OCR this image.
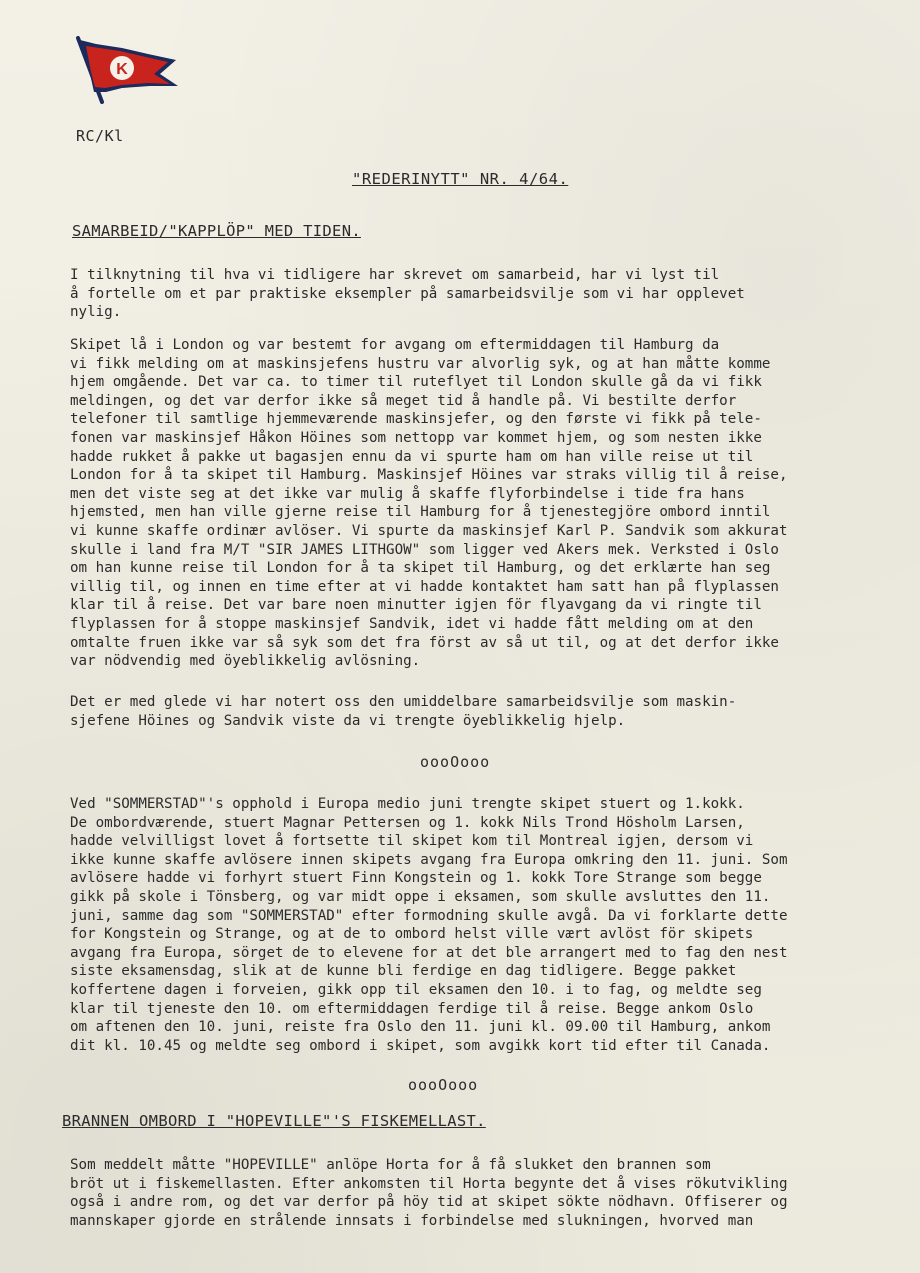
K
RC/Kl
"REDERINYTT" NR. 4/64.
SAMARBEID/"KAPPLÖP" MED TIDEN.
I tilknytning til hva vi tidligere har skrevet om samarbeid, har vi lyst til
å fortelle om et par praktiske eksempler på samarbeidsvilje som vi har opplevet
nylig.
Skipet lå i London og var bestemt for avgang om eftermiddagen til Hamburg da
vi fikk melding om at maskinsjefens hustru var alvorlig syk, og at han måtte komme
hjem omgående. Det var ca. to timer til ruteflyet til London skulle gå da vi fikk
meldingen, og det var derfor ikke så meget tid å handle på. Vi bestilte derfor
telefoner til samtlige hjemmeværende maskinsjefer, og den første vi fikk på tele-
fonen var maskinsjef Håkon Höines som nettopp var kommet hjem, og som nesten ikke
hadde rukket å pakke ut bagasjen ennu da vi spurte ham om han ville reise ut til
London for å ta skipet til Hamburg. Maskinsjef Höines var straks villig til å reise,
men det viste seg at det ikke var mulig å skaffe flyforbindelse i tide fra hans
hjemsted, men han ville gjerne reise til Hamburg for å tjenestegjöre ombord inntil
vi kunne skaffe ordinær avlöser. Vi spurte da maskinsjef Karl P. Sandvik som akkurat
skulle i land fra M/T "SIR JAMES LITHGOW" som ligger ved Akers mek. Verksted i Oslo
om han kunne reise til London for å ta skipet til Hamburg, og det erklærte han seg
villig til, og innen en time efter at vi hadde kontaktet ham satt han på flyplassen
klar til å reise. Det var bare noen minutter igjen för flyavgang da vi ringte til
flyplassen for å stoppe maskinsjef Sandvik, idet vi hadde fått melding om at den
omtalte fruen ikke var så syk som det fra först av så ut til, og at det derfor ikke
var nödvendig med öyeblikkelig avlösning.
Det er med glede vi har notert oss den umiddelbare samarbeidsvilje som maskin-
sjefene Höines og Sandvik viste da vi trengte öyeblikkelig hjelp.
oooOooo
Ved "SOMMERSTAD"'s opphold i Europa medio juni trengte skipet stuert og 1.kokk.
De ombordværende, stuert Magnar Pettersen og 1. kokk Nils Trond Hösholm Larsen,
hadde velvilligst lovet å fortsette til skipet kom til Montreal igjen, dersom vi
ikke kunne skaffe avlösere innen skipets avgang fra Europa omkring den 11. juni. Som
avlösere hadde vi forhyrt stuert Finn Kongstein og 1. kokk Tore Strange som begge
gikk på skole i Tönsberg, og var midt oppe i eksamen, som skulle avsluttes den 11.
juni, samme dag som "SOMMERSTAD" efter formodning skulle avgå. Da vi forklarte dette
for Kongstein og Strange, og at de to ombord helst ville vært avlöst för skipets
avgang fra Europa, sörget de to elevene for at det ble arrangert med to fag den nest
siste eksamensdag, slik at de kunne bli ferdige en dag tidligere. Begge pakket
koffertene dagen i forveien, gikk opp til eksamen den 10. i to fag, og meldte seg
klar til tjeneste den 10. om eftermiddagen ferdige til å reise. Begge ankom Oslo
om aftenen den 10. juni, reiste fra Oslo den 11. juni kl. 09.00 til Hamburg, ankom
dit kl. 10.45 og meldte seg ombord i skipet, som avgikk kort tid efter til Canada.
oooOooo
BRANNEN OMBORD I "HOPEVILLE"'S FISKEMELLAST.
Som meddelt måtte "HOPEVILLE" anlöpe Horta for å få slukket den brannen som
bröt ut i fiskemellasten. Efter ankomsten til Horta begynte det å vises rökutvikling
også i andre rom, og det var derfor på höy tid at skipet sökte nödhavn. Offiserer og
mannskaper gjorde en strålende innsats i forbindelse med slukningen, hvorved man
